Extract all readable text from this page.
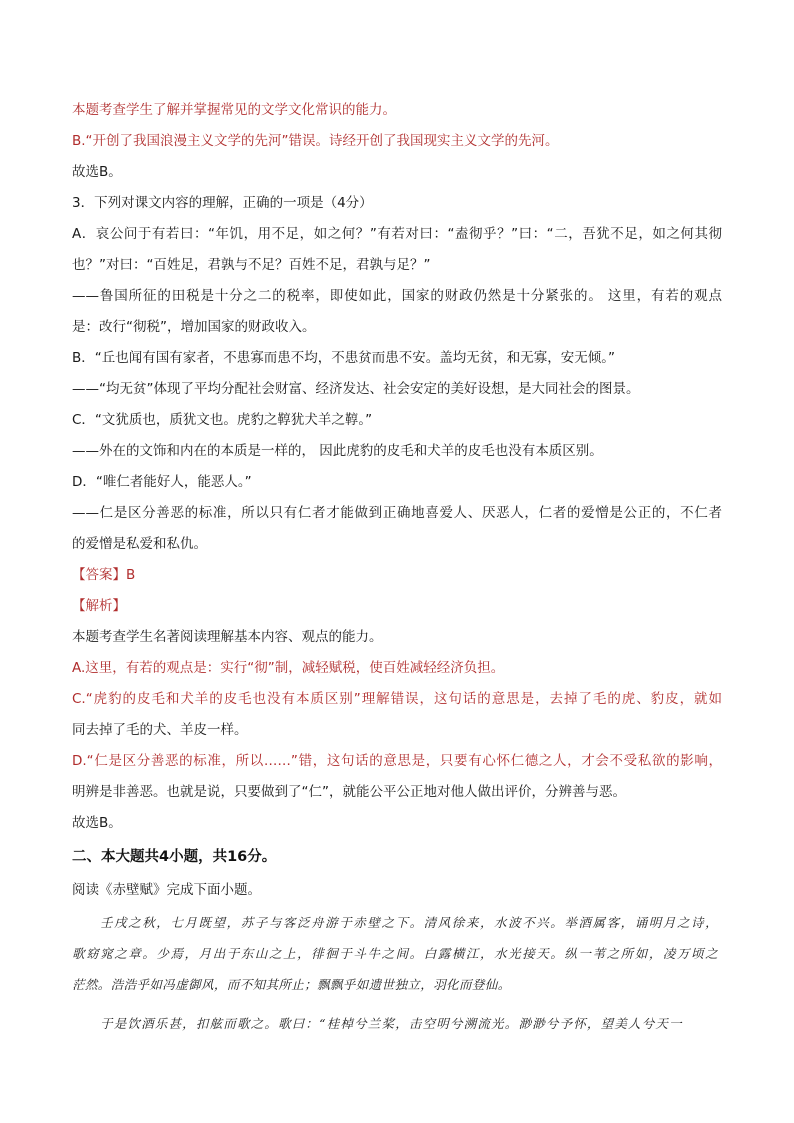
本题考查学生了解并掌握常见的文学文化常识的能力。
B.“开创了我国浪漫主义文学的先河”错误。诗经开创了我国现实主义文学的先河。
故选B。
3．下列对课文内容的理解，正确的一项是（4分）
A．哀公问于有若曰：“年饥，用不足，如之何？”有若对曰：“盍彻乎？”曰：“二，吾犹不足，如之何其彻
也？”对曰：“百姓足，君孰与不足？百姓不足，君孰与足？”
——鲁国所征的田税是十分之二的税率，即使如此，国家的财政仍然是十分紧张的。 这里，有若的观点
是：改行“彻税”，增加国家的财政收入。
B．“丘也闻有国有家者，不患寡而患不均，不患贫而患不安。盖均无贫，和无寡，安无倾。”
——“均无贫”体现了平均分配社会财富、经济发达、社会安定的美好设想，是大同社会的图景。
C．“文犹质也，质犹文也。虎豹之鞟犹犬羊之鞟。”
——外在的文饰和内在的本质是一样的， 因此虎豹的皮毛和犬羊的皮毛也没有本质区别。
D．“唯仁者能好人，能恶人。”
——仁是区分善恶的标准，所以只有仁者才能做到正确地喜爱人、厌恶人，仁者的爱憎是公正的，不仁者
的爱憎是私爱和私仇。
【答案】B
【解析】
本题考查学生名著阅读理解基本内容、观点的能力。
A.这里，有若的观点是：实行“彻”制，减轻赋税，使百姓减轻经济负担。
C.“虎豹的皮毛和犬羊的皮毛也没有本质区别”理解错误，这句话的意思是，去掉了毛的虎、豹皮，就如
同去掉了毛的犬、羊皮一样。
D.“仁是区分善恶的标准，所以……”错，这句话的意思是，只要有心怀仁德之人，才会不受私欲的影响，
明辨是非善恶。也就是说，只要做到了“仁”，就能公平公正地对他人做出评价，分辨善与恶。
故选B。
二、本大题共4小题，共16分。
阅读《赤壁赋》完成下面小题。
壬戌之秋，七月既望，苏子与客泛舟游于赤壁之下。清风徐来，水波不兴。举酒属客，诵明月之诗，
歌窈窕之章。少焉，月出于东山之上，徘徊于斗牛之间。白露横江，水光接天。纵一苇之所如，凌万顷之
茫然。浩浩乎如冯虚御风，而不知其所止；飘飘乎如遗世独立，羽化而登仙。
于是饮酒乐甚，扣舷而歌之。歌曰：“桂棹兮兰桨，击空明兮溯流光。渺渺兮予怀，望美人兮天一
